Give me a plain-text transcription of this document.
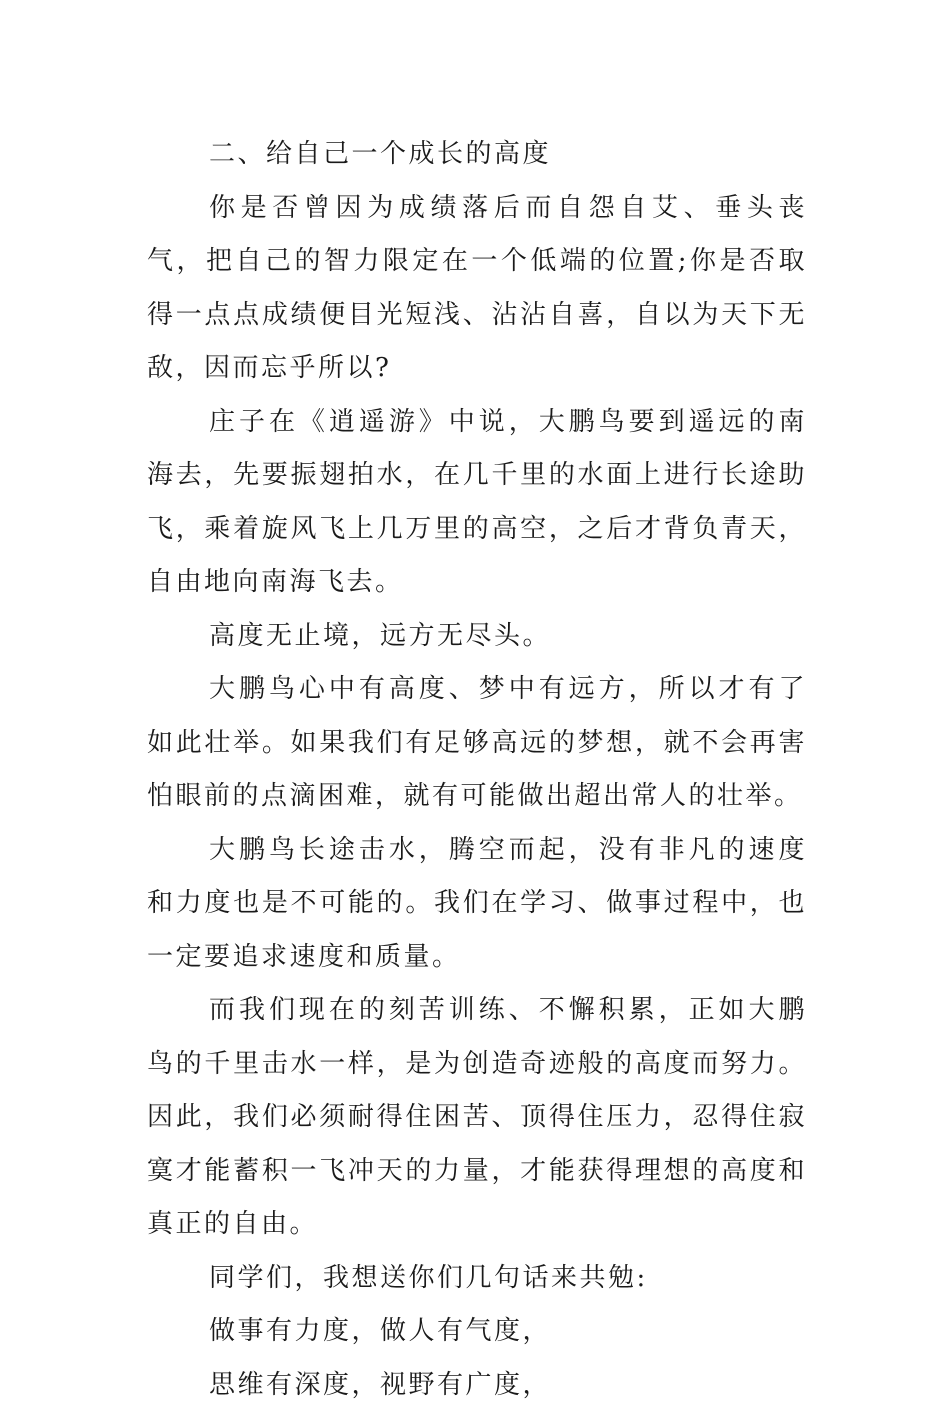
二、给自己一个成长的高度

你是否曾因为成绩落后而自怨自艾、垂头丧气，把自己的智力限定在一个低端的位置;你是否取得一点点成绩便目光短浅、沾沾自喜，自以为天下无敌，因而忘乎所以?

庄子在《逍遥游》中说，大鹏鸟要到遥远的南海去，先要振翅拍水，在几千里的水面上进行长途助飞，乘着旋风飞上几万里的高空，之后才背负青天，自由地向南海飞去。

高度无止境，远方无尽头。

大鹏鸟心中有高度、梦中有远方，所以才有了如此壮举。如果我们有足够高远的梦想，就不会再害怕眼前的点滴困难，就有可能做出超出常人的壮举。

大鹏鸟长途击水，腾空而起，没有非凡的速度和力度也是不可能的。我们在学习、做事过程中，也一定要追求速度和质量。

而我们现在的刻苦训练、不懈积累，正如大鹏鸟的千里击水一样，是为创造奇迹般的高度而努力。因此，我们必须耐得住困苦、顶得住压力，忍得住寂寞才能蓄积一飞冲天的力量，才能获得理想的高度和真正的自由。

同学们，我想送你们几句话来共勉:

做事有力度，做人有气度，

思维有深度，视野有广度，
